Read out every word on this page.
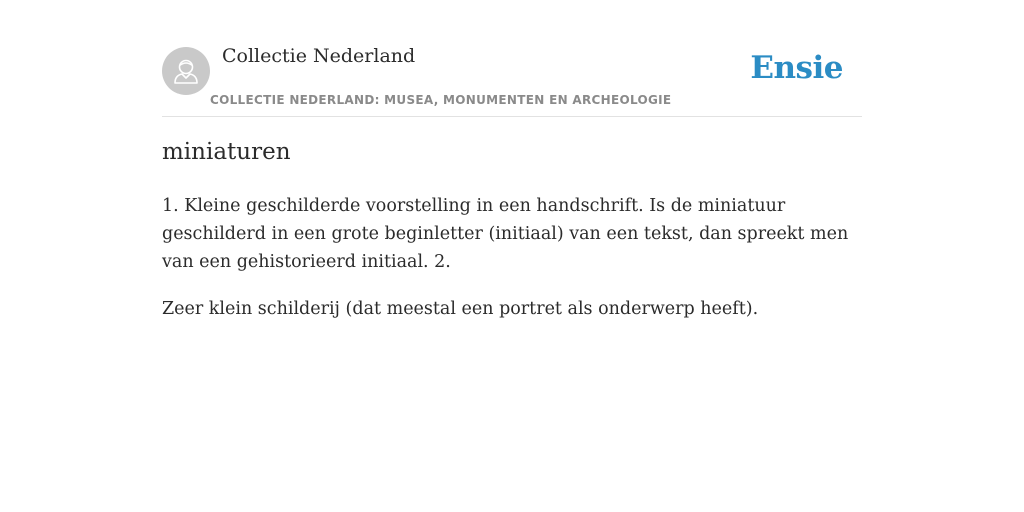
Collectie Nederland
COLLECTIE NEDERLAND: MUSEA, MONUMENTEN EN ARCHEOLOGIE
Ensie
miniaturen

1. Kleine geschilderde voorstelling in een handschrift. Is de miniatuur geschilderd in een grote beginletter (initiaal) van een tekst, dan spreekt men van een gehistorieerd initiaal. 2.

Zeer klein schilderij (dat meestal een portret als onderwerp heeft).
